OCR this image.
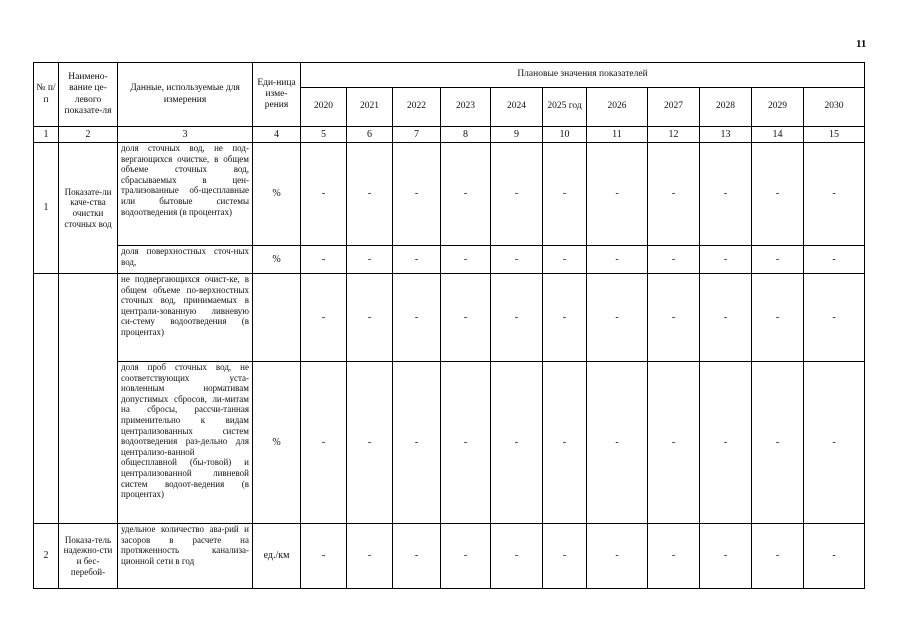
11
№ п/п	Наимено-вание це-левого показате-ля	Данные, используемые для измерения	Еди-ница изме-рения	Плановые значения показателей										
				2020	2021	2022	2023	2024	2025 год	2026	2027	2028	2029	2030
1	2	3	4	5	6	7	8	9	10	11	12	13	14	15
1	Показате-ли каче-ства очистки сточных вод	доля сточных вод, не под-вергающихся очистке, в общем объеме сточных вод, сбрасываемых в цен-трализованные об-щесплавные или бытовые системы водоотведения (в процентах)	%	-	-	-	-	-	-	-	-	-	-	-
		доля поверхностных сточ-ных вод,	%	-	-	-	-	-	-	-	-	-	-	-
		не подвергающихся очист-ке, в общем объеме по-верхностных сточных вод, принимаемых в централи-зованную ливневую си-стему водоотведения (в процентах)		-	-	-	-	-	-	-	-	-	-	-
		доля проб сточных вод, не соответствующих уста-новленным нормативам допустимых сбросов, ли-митам на сбросы, рассчи-танная применительно к видам централизованных систем водоотведения раз-дельно для централизо-ванной общесплавной (бы-товой) и централизованной ливневой систем водоот-ведения (в процентах)	%	-	-	-	-	-	-	-	-	-	-	-
2	Показа-тель надежно-сти и бес-перебой-	удельное количество ава-рий и засоров в расчете на протяженность канализа-ционной сети в год	ед./км	-	-	-	-	-	-	-	-	-	-	-
